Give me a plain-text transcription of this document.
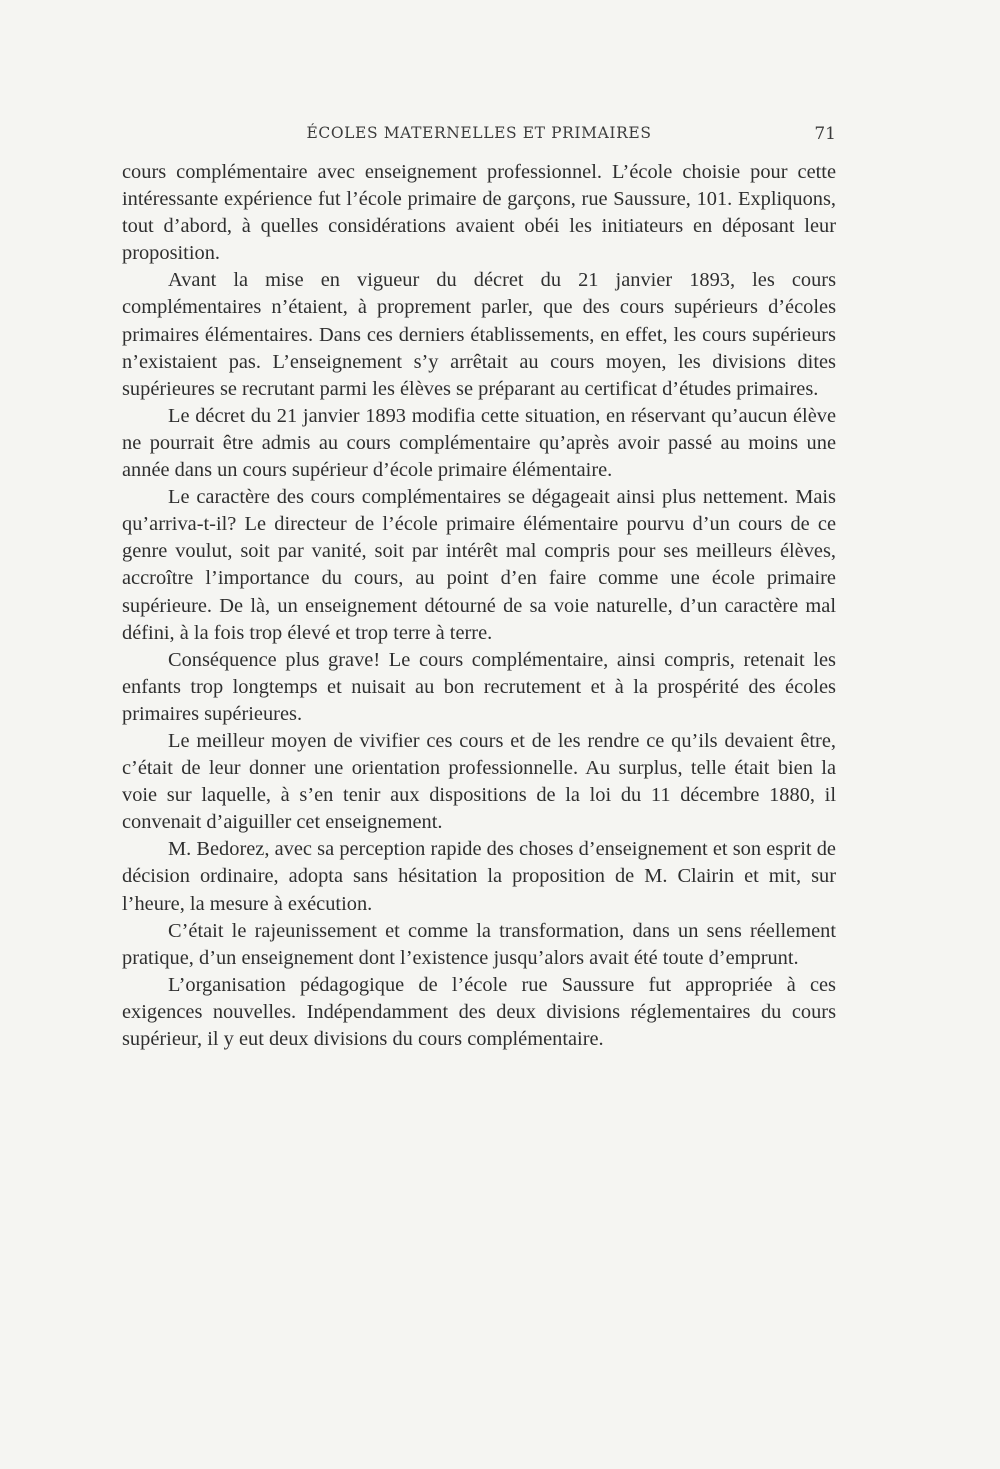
ÉCOLES MATERNELLES ET PRIMAIRES	71

cours complémentaire avec enseignement professionnel. L’école choisie pour cette intéressante expérience fut l’école primaire de garçons, rue Saussure, 101. Expliquons, tout d’abord, à quelles considérations avaient obéi les initiateurs en déposant leur proposition.

Avant la mise en vigueur du décret du 21 janvier 1893, les cours complémentaires n’étaient, à proprement parler, que des cours supérieurs d’écoles primaires élémentaires. Dans ces derniers établissements, en effet, les cours supérieurs n’existaient pas. L’enseignement s’y arrêtait au cours moyen, les divisions dites supérieures se recrutant parmi les élèves se préparant au certificat d’études primaires.

Le décret du 21 janvier 1893 modifia cette situation, en réservant qu’aucun élève ne pourrait être admis au cours complémentaire qu’après avoir passé au moins une année dans un cours supérieur d’école primaire élémentaire.

Le caractère des cours complémentaires se dégageait ainsi plus nettement. Mais qu’arriva-t-il? Le directeur de l’école primaire élémentaire pourvu d’un cours de ce genre voulut, soit par vanité, soit par intérêt mal compris pour ses meilleurs élèves, accroître l’importance du cours, au point d’en faire comme une école primaire supérieure. De là, un enseignement détourné de sa voie naturelle, d’un caractère mal défini, à la fois trop élevé et trop terre à terre.

Conséquence plus grave! Le cours complémentaire, ainsi compris, retenait les enfants trop longtemps et nuisait au bon recrutement et à la prospérité des écoles primaires supérieures.

Le meilleur moyen de vivifier ces cours et de les rendre ce qu’ils devaient être, c’était de leur donner une orientation professionnelle. Au surplus, telle était bien la voie sur laquelle, à s’en tenir aux dispositions de la loi du 11 décembre 1880, il convenait d’aiguiller cet enseignement.

M. Bedorez, avec sa perception rapide des choses d’enseignement et son esprit de décision ordinaire, adopta sans hésitation la proposition de M. Clairin et mit, sur l’heure, la mesure à exécution.

C’était le rajeunissement et comme la transformation, dans un sens réellement pratique, d’un enseignement dont l’existence jusqu’alors avait été toute d’emprunt.

L’organisation pédagogique de l’école rue Saussure fut appropriée à ces exigences nouvelles. Indépendamment des deux divisions réglementaires du cours supérieur, il y eut deux divisions du cours complémentaire.
